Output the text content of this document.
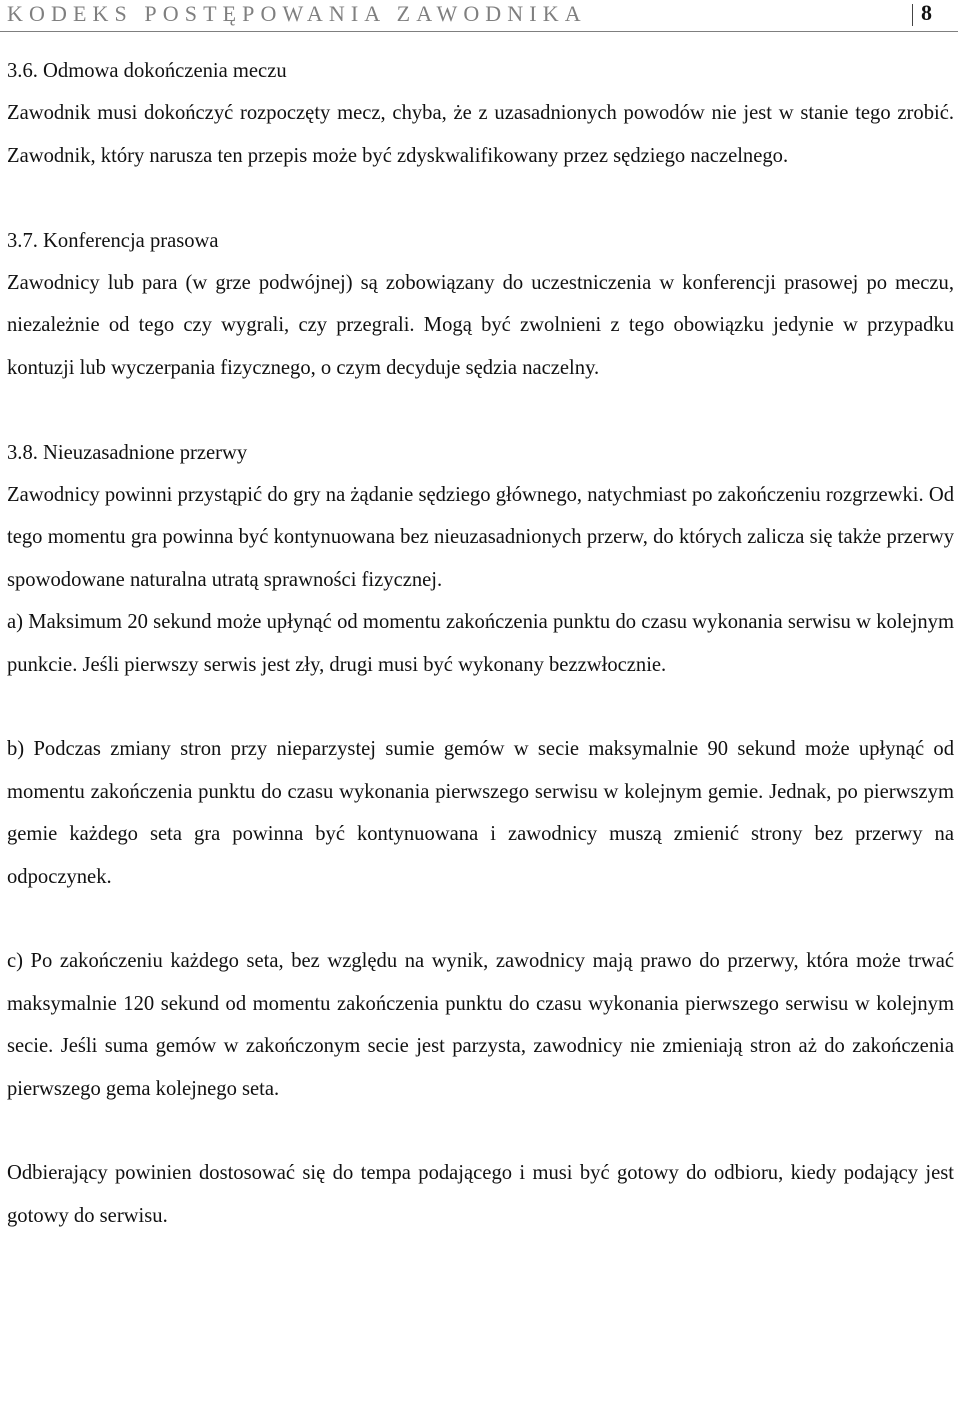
KODEKS POSTĘPOWANIA ZAWODNIKA	8

3.6. Odmowa dokończenia meczu

Zawodnik musi dokończyć rozpoczęty mecz, chyba, że z uzasadnionych powodów nie jest w stanie tego zrobić. Zawodnik, który narusza ten przepis może być zdyskwalifikowany przez sędziego naczelnego.

3.7. Konferencja prasowa

Zawodnicy lub para (w grze podwójnej) są zobowiązany do uczestniczenia w konferencji prasowej po meczu, niezależnie od tego czy wygrali, czy przegrali. Mogą być zwolnieni z tego obowiązku jedynie w przypadku kontuzji lub wyczerpania fizycznego, o czym decyduje sędzia naczelny.

3.8. Nieuzasadnione przerwy

Zawodnicy powinni przystąpić do gry na żądanie sędziego głównego, natychmiast po zakończeniu rozgrzewki. Od tego momentu gra powinna być kontynuowana bez nieuzasadnionych przerw, do których zalicza się także przerwy spowodowane naturalna utratą sprawności fizycznej.

a) Maksimum 20 sekund może upłynąć od momentu zakończenia punktu do czasu wykonania serwisu w kolejnym punkcie. Jeśli pierwszy serwis jest zły, drugi musi być wykonany bezzwłocznie.

b) Podczas zmiany stron przy nieparzystej sumie gemów w secie maksymalnie 90 sekund może upłynąć od momentu zakończenia punktu do czasu wykonania pierwszego serwisu w kolejnym gemie. Jednak, po pierwszym gemie każdego seta gra powinna być kontynuowana i zawodnicy muszą zmienić strony bez przerwy na odpoczynek.

c) Po zakończeniu każdego seta, bez względu na wynik, zawodnicy mają prawo do przerwy, która może trwać maksymalnie 120 sekund od momentu zakończenia punktu do czasu wykonania pierwszego serwisu w kolejnym secie. Jeśli suma gemów w zakończonym secie jest parzysta, zawodnicy nie zmieniają stron aż do zakończenia pierwszego gema kolejnego seta.

Odbierający powinien dostosować się do tempa podającego i musi być gotowy do odbioru, kiedy podający jest gotowy do serwisu.
